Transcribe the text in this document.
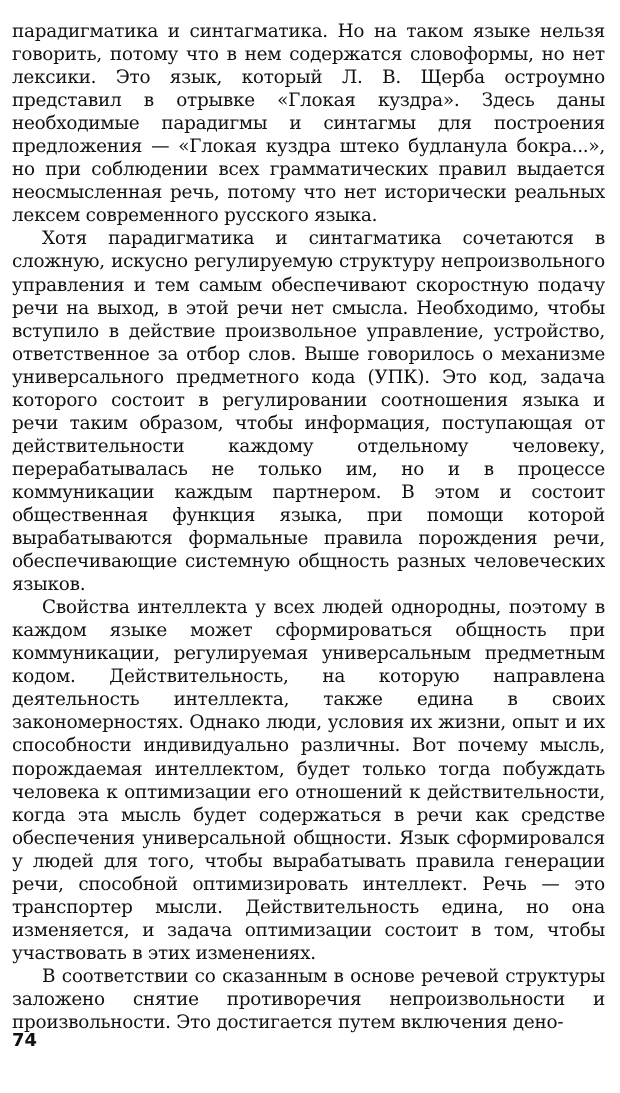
парадигматика и синтагматика. Но на таком языке нельзя говорить, потому что в нем содержатся словоформы, но нет лексики. Это язык, который Л. В. Щерба остроумно представил в отрывке «Глокая куздра». Здесь даны необходимые парадигмы и синтагмы для построения предложения — «Глокая куздра штеко будланула бокра...», но при соблюдении всех грамматических правил выдается неосмысленная речь, потому что нет исторически реальных лексем современного русского языка.

Хотя парадигматика и синтагматика сочетаются в сложную, искусно регулируемую структуру непроизвольного управления и тем самым обеспечивают скоростную подачу речи на выход, в этой речи нет смысла. Необходимо, чтобы вступило в действие произвольное управление, устройство, ответственное за отбор слов. Выше говорилось о механизме универсального предметного кода (УПК). Это код, задача которого состоит в регулировании соотношения языка и речи таким образом, чтобы информация, поступающая от действительности каждому отдельному человеку, перерабатывалась не только им, но и в процессе коммуникации каждым партнером. В этом и состоит общественная функция языка, при помощи которой вырабатываются формальные правила порождения речи, обеспечивающие системную общность разных человеческих языков.

Свойства интеллекта у всех людей однородны, поэтому в каждом языке может сформироваться общность при коммуникации, регулируемая универсальным предметным кодом. Действительность, на которую направлена деятельность интеллекта, также едина в своих закономерностях. Однако люди, условия их жизни, опыт и их способности индивидуально различны. Вот почему мысль, порождаемая интеллектом, будет только тогда побуждать человека к оптимизации его отношений к действительности, когда эта мысль будет содержаться в речи как средстве обеспечения универсальной общности. Язык сформировался у людей для того, чтобы вырабатывать правила генерации речи, способной оптимизировать интеллект. Речь — это транспортер мысли. Действительность едина, но она изменяется, и задача оптимизации состоит в том, чтобы участвовать в этих изменениях.

В соответствии со сказанным в основе речевой структуры заложено снятие противоречия непроизвольности и произвольности. Это достигается путем включения дено-

74
